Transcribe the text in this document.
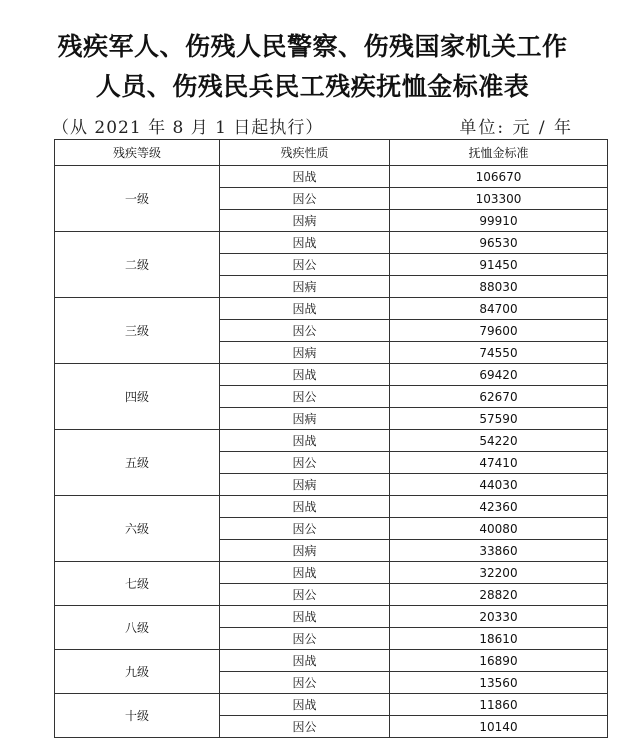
残疾军人、伤残人民警察、伤残国家机关工作
人员、伤残民兵民工残疾抚恤金标准表
（从 2021 年 8 月 1 日起执行）	单位: 元 / 年
残疾等级	残疾性质	抚恤金标准
一级	因战	106670
	因公	103300
	因病	99910
二级	因战	96530
	因公	91450
	因病	88030
三级	因战	84700
	因公	79600
	因病	74550
四级	因战	69420
	因公	62670
	因病	57590
五级	因战	54220
	因公	47410
	因病	44030
六级	因战	42360
	因公	40080
	因病	33860
七级	因战	32200
	因公	28820
八级	因战	20330
	因公	18610
九级	因战	16890
	因公	13560
十级	因战	11860
	因公	10140
